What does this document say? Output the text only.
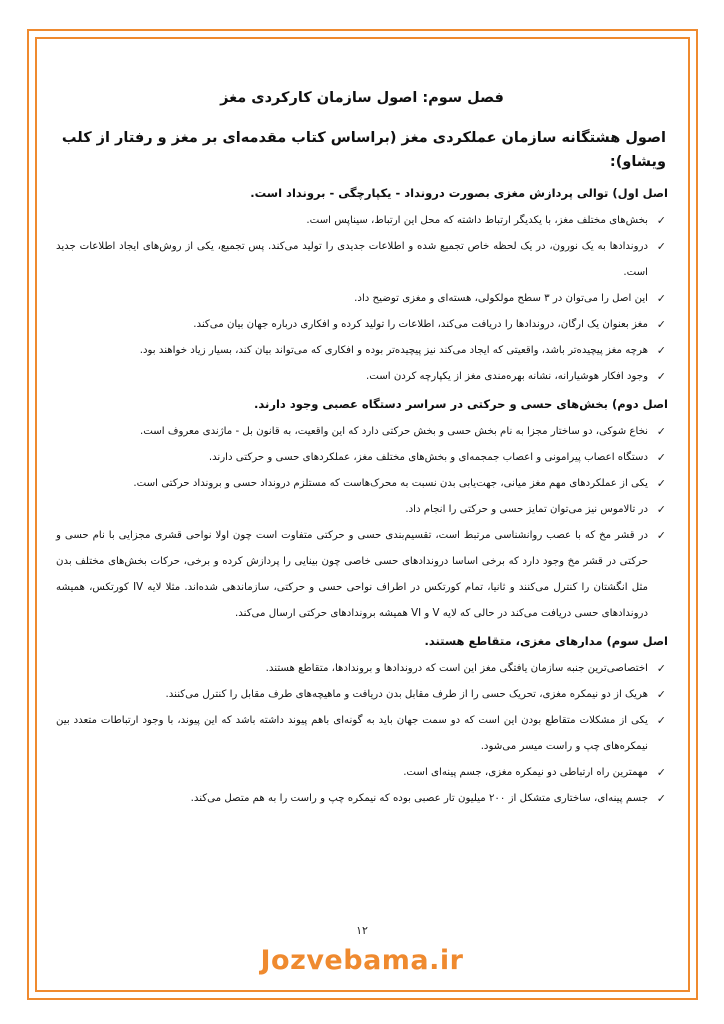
فصل سوم: اصول سازمان کارکردی مغز
اصول هشتگانه سازمان عملکردی مغز (براساس کتاب مقدمه‌ای بر مغز و رفتار از کلب ویشاو):
اصل اول) توالی پردازش مغزی بصورت درونداد - یکپارچگی - برونداد است.
✓
بخش‌های مختلف مغز، با یکدیگر ارتباط داشته که محل این ارتباط، سیناپس است.
✓
دروندادها به یک نورون، در یک لحظه خاص تجمیع شده و اطلاعات جدیدی را تولید می‌کند. پس تجمیع، یکی از روش‌های ایجاد اطلاعات جدید است.
✓
این اصل را می‌توان در ۳ سطح مولکولی، هسته‌ای و مغزی توضیح داد.
✓
مغز بعنوان یک ارگان، دروندادها را دریافت می‌کند، اطلاعات را تولید کرده و افکاری درباره جهان بیان می‌کند.
✓
هرچه مغز پیچیده‌تر باشد، واقعیتی که ایجاد می‌کند نیز پیچیده‌تر بوده و افکاری که می‌تواند بیان کند، بسیار زیاد خواهند بود.
✓
وجود افکار هوشیارانه، نشانه بهره‌مندی مغز از یکپارچه کردن است.
اصل دوم) بخش‌های حسی و حرکتی در سراسر دستگاه عصبی وجود دارند.
✓
نخاع شوکی، دو ساختار مجزا به نام بخش حسی و بخش حرکتی دارد که این واقعیت، به قانون بل - ماژندی معروف است.
✓
دستگاه اعصاب پیرامونی و اعصاب جمجمه‌ای و بخش‌های مختلف مغز، عملکردهای حسی و حرکتی دارند.
✓
یکی از عملکردهای مهم مغز میانی، جهت‌یابی بدن نسبت به محرک‌هاست که مستلزم درونداد حسی و برونداد حرکتی است.
✓
در تالاموس نیز می‌توان تمایز حسی و حرکتی را انجام داد.
✓
در قشر مخ که با عصب روانشناسی مرتبط است، تقسیم‌بندی حسی و حرکتی متفاوت است چون اولا نواحی قشری مجزایی با نام حسی و حرکتی در قشر مخ وجود دارد که برخی اساسا دروندادهای حسی خاصی چون بینایی را پردازش کرده و برخی، حرکات بخش‌های مختلف بدن مثل انگشتان را کنترل می‌کنند و ثانیا، تمام کورتکس در اطراف نواحی حسی و حرکتی، سازماندهی شده‌اند. مثلا لایه IV کورتکس، همیشه دروندادهای حسی دریافت می‌کند در حالی که لایه V و VI همیشه بروندادهای حرکتی ارسال می‌کند.
اصل سوم) مدارهای مغزی، متقاطع هستند.
✓
اختصاصی‌ترین جنبه سازمان یافتگی مغز این است که دروندادها و بروندادها، متقاطع هستند.
✓
هریک از دو نیمکره مغزی، تحریک حسی را از طرف مقابل بدن دریافت و ماهیچه‌های طرف مقابل را کنترل می‌کنند.
✓
یکی از مشکلات متقاطع بودن این است که دو سمت جهان باید به گونه‌ای باهم پیوند داشته باشد که این پیوند، با وجود ارتباطات متعدد بین نیمکره‌های چپ و راست میسر می‌شود.
✓
مهمترین راه ارتباطی دو نیمکره مغزی، جسم پینه‌ای است.
✓
جسم پینه‌ای، ساختاری متشکل از ۲۰۰ میلیون تار عصبی بوده که نیمکره چپ و راست را به هم متصل می‌کند.
۱۲
Jozvebama.ir
